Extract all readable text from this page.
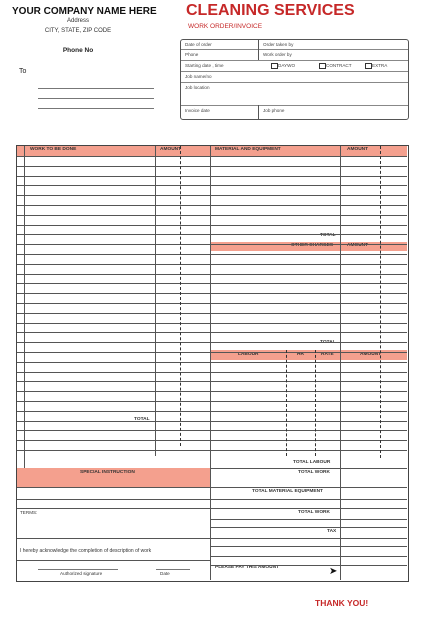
YOUR COMPANY NAME HERE
Address
CITY, STATE, ZIP CODE
Phone No
To
CLEANING SERVICES
WORK ORDER/INVOICE
Date of order	Order taken by
Phone	Work order by
Starting date , time	DAYWO	CONTRACT	EXTRA
Job name/no
Job location
Invoice date	Job phone
WORK TO BE DONE	AMOUNT	MATERIAL AND EQUIPMENT	AMOUNT
OTHER CHARGES	AMOUNT
LABOUR	HR	RATE	AMOUNT
SPECIAL INSTRUCTION
TOTAL
TOTAL
TOTAL
TOTAL LABOUR
TOTAL WORK
TOTAL MATERIAL EQUIPMENT
TOTAL WORK
TAX
TERMS:
I hereby acknowledge the completion of description of work
Authorized signature	Date
PLEASE PAY THIS AMOUNT	➤
THANK YOU!
